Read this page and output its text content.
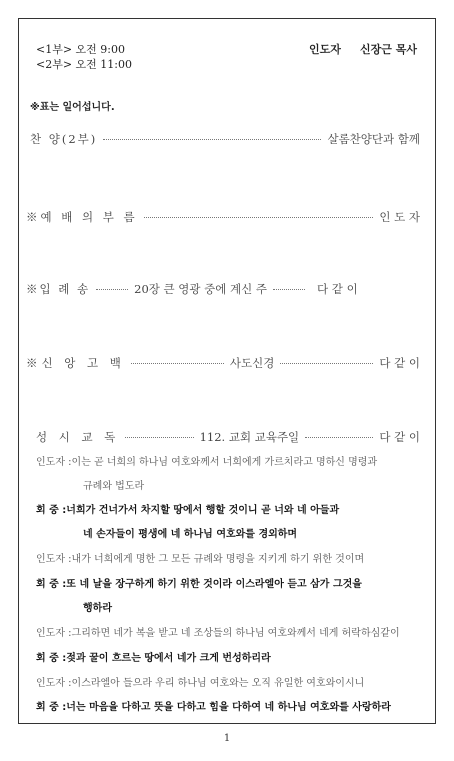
<1부> 오전 9:00
<2부> 오전 11:00
인도자 신장근 목사
※표는 일어섭니다.
찬 양(2부)	살롬찬양단과 함께
※예 배 의 부 름	인 도 자
※입 례 송	20장 큰 영광 중에 계신 주	다 같 이
※신 앙 고 백	사도신경	다 같 이
성 시 교 독	112. 교회 교육주일	다 같 이
인도자 :이는 곧 너희의 하나님 여호와께서 너희에게 가르치라고 명하신 명령과
규례와 법도라
회 중 :너희가 건너가서 차지할 땅에서 행할 것이니 곧 너와 네 아들과
네 손자들이 평생에 네 하나님 여호와를 경외하며
인도자 :내가 너희에게 명한 그 모든 규례와 명령을 지키게 하기 위한 것이며
회 중 :또 네 날을 장구하게 하기 위한 것이라 이스라엘아 듣고 삼가 그것을
행하라
인도자 :그리하면 네가 복을 받고 네 조상들의 하나님 여호와께서 네게 허락하심같이
회 중 :젖과 꿀이 흐르는 땅에서 네가 크게 번성하리라
인도자 :이스라엘아 들으라 우리 하나님 여호와는 오직 유일한 여호와이시니
회 중 :너는 마음을 다하고 뜻을 다하고 힘을 다하여 네 하나님 여호와를 사랑하라
1
